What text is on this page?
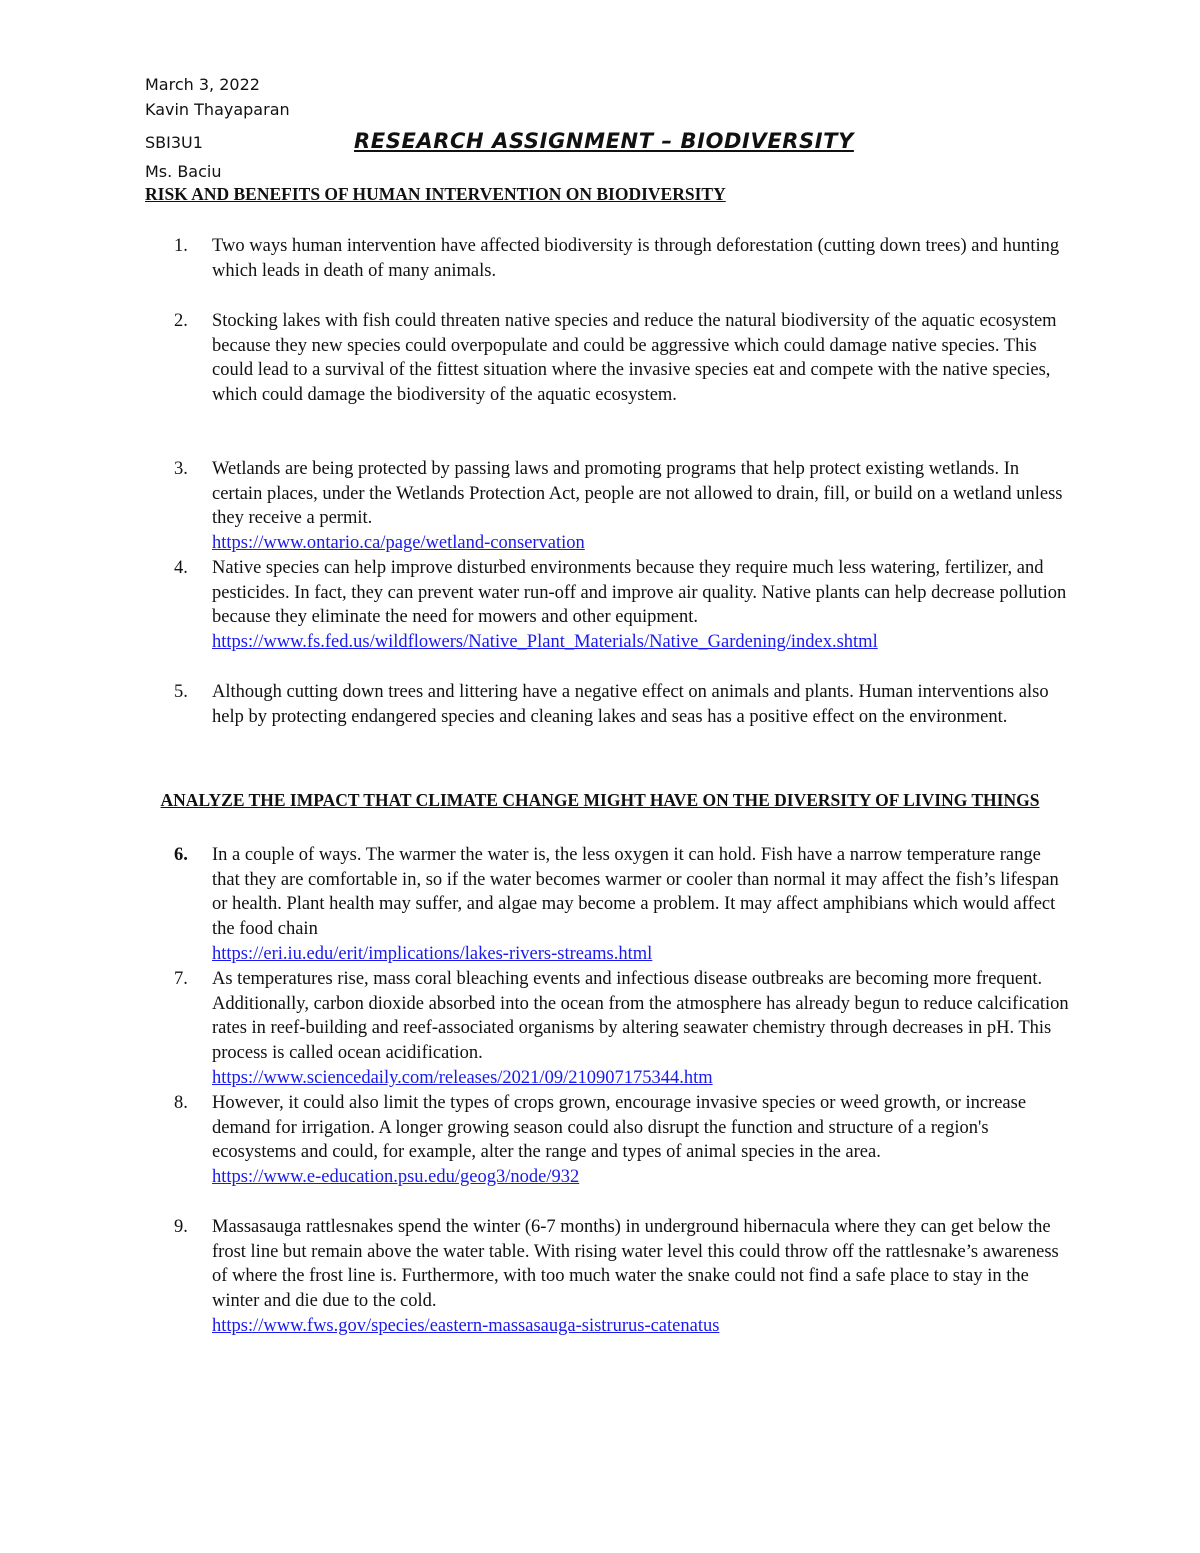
March 3, 2022
Kavin Thayaparan
SBI3U1	RESEARCH ASSIGNMENT – BIODIVERSITY
Ms. Baciu
RISK AND BENEFITS OF HUMAN INTERVENTION ON BIODIVERSITY
1.	Two ways human intervention have affected biodiversity is through deforestation (cutting down trees) and hunting which leads in death of many animals.
2.	Stocking lakes with fish could threaten native species and reduce the natural biodiversity of the aquatic ecosystem because they new species could overpopulate and could be aggressive which could damage native species. This could lead to a survival of the fittest situation where the invasive species eat and compete with the native species, which could damage the biodiversity of the aquatic ecosystem.
3.	Wetlands are being protected by passing laws and promoting programs that help protect existing wetlands. In certain places, under the Wetlands Protection Act, people are not allowed to drain, fill, or build on a wetland unless they receive a permit.
https://www.ontario.ca/page/wetland-conservation
4.	Native species can help improve disturbed environments because they require much less watering, fertilizer, and pesticides. In fact, they can prevent water run-off and improve air quality. Native plants can help decrease pollution because they eliminate the need for mowers and other equipment.
https://www.fs.fed.us/wildflowers/Native_Plant_Materials/Native_Gardening/index.shtml
5.	Although cutting down trees and littering have a negative effect on animals and plants. Human interventions also help by protecting endangered species and cleaning lakes and seas has a positive effect on the environment.
ANALYZE THE IMPACT THAT CLIMATE CHANGE MIGHT HAVE ON THE DIVERSITY OF LIVING THINGS
6.	In a couple of ways. The warmer the water is, the less oxygen it can hold. Fish have a narrow temperature range that they are comfortable in, so if the water becomes warmer or cooler than normal it may affect the fish’s lifespan or health. Plant health may suffer, and algae may become a problem. It may affect amphibians which would affect the food chain
https://eri.iu.edu/erit/implications/lakes-rivers-streams.html
7.	As temperatures rise, mass coral bleaching events and infectious disease outbreaks are becoming more frequent. Additionally, carbon dioxide absorbed into the ocean from the atmosphere has already begun to reduce calcification rates in reef-building and reef-associated organisms by altering seawater chemistry through decreases in pH. This process is called ocean acidification.
https://www.sciencedaily.com/releases/2021/09/210907175344.htm
8.	However, it could also limit the types of crops grown, encourage invasive species or weed growth, or increase demand for irrigation. A longer growing season could also disrupt the function and structure of a region's ecosystems and could, for example, alter the range and types of animal species in the area.
https://www.e-education.psu.edu/geog3/node/932
9.	Massasauga rattlesnakes spend the winter (6-7 months) in underground hibernacula where they can get below the frost line but remain above the water table. With rising water level this could throw off the rattlesnake’s awareness of where the frost line is. Furthermore, with too much water the snake could not find a safe place to stay in the winter and die due to the cold.
https://www.fws.gov/species/eastern-massasauga-sistrurus-catenatus
